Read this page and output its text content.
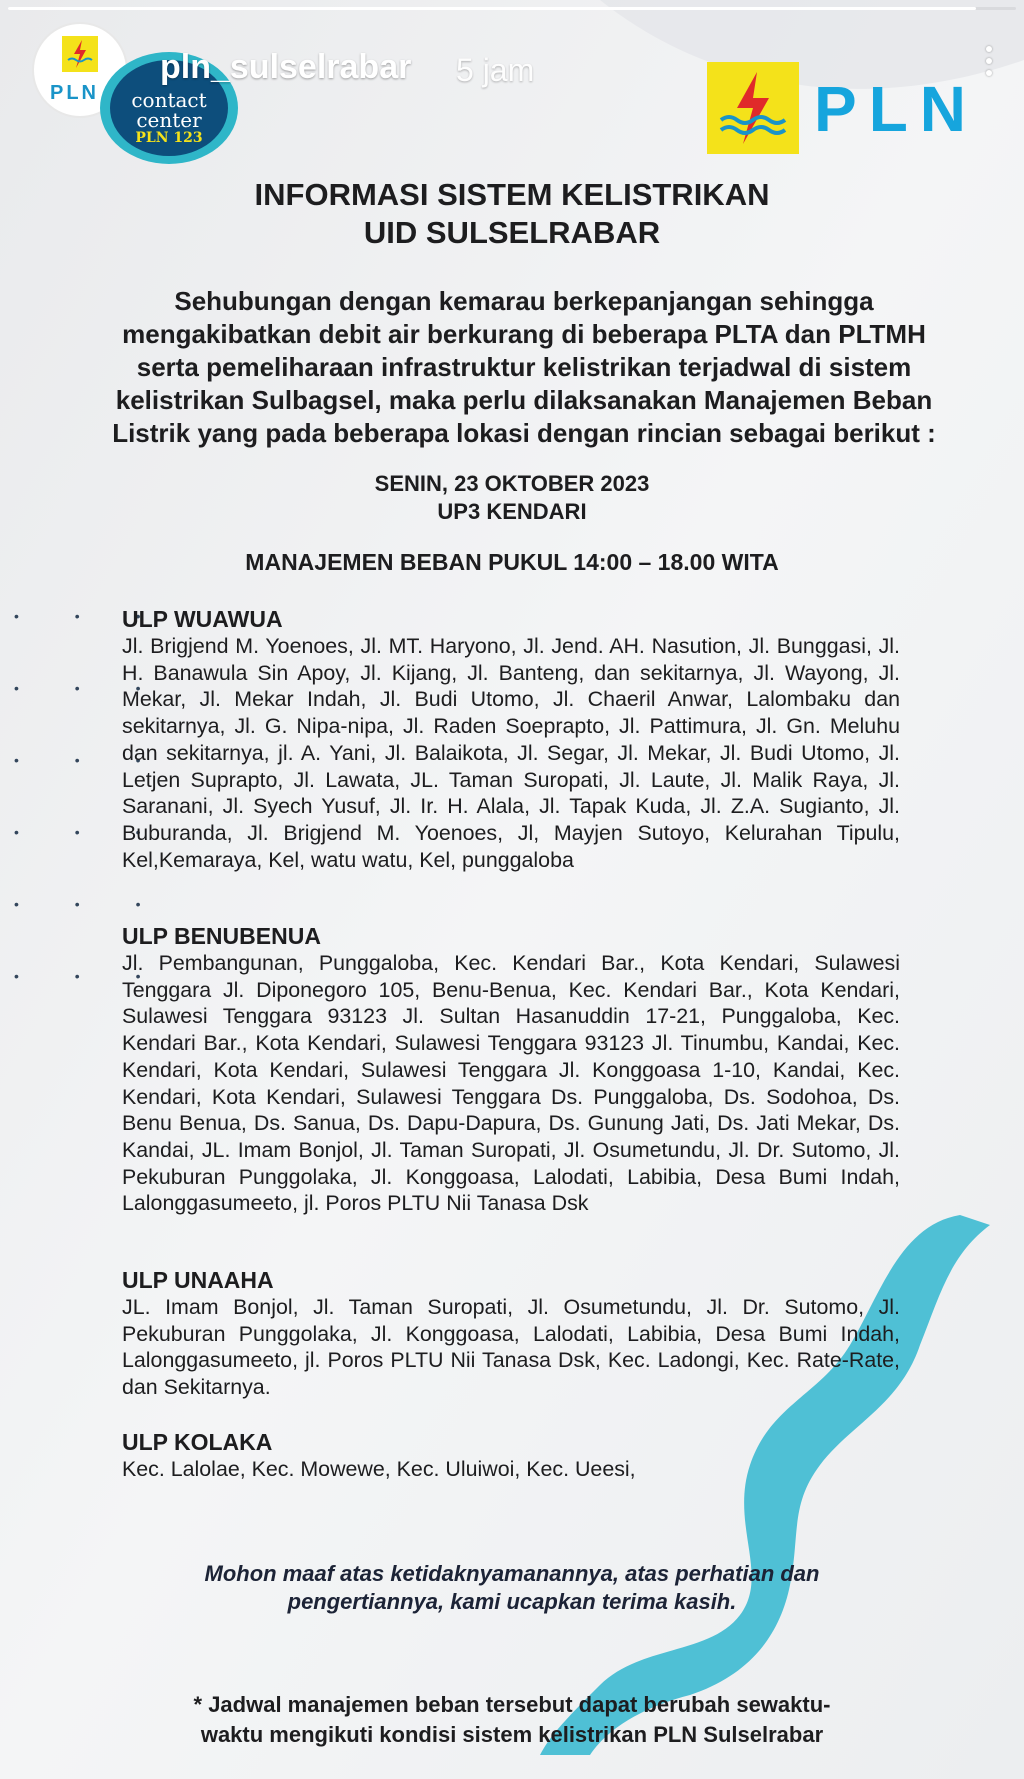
PLN	contact
center
PLN 123
pln_sulselrabar 5 jam
PLN
INFORMASI SISTEM KELISTRIKAN
UID SULSELRABAR
Sehubungan dengan kemarau berkepanjangan sehingga mengakibatkan debit air berkurang di beberapa PLTA dan PLTMH serta pemeliharaan infrastruktur kelistrikan terjadwal di sistem kelistrikan Sulbagsel, maka perlu dilaksanakan Manajemen Beban Listrik yang pada beberapa lokasi dengan rincian sebagai berikut :
SENIN, 23 OKTOBER 2023
UP3 KENDARI
MANAJEMEN BEBAN PUKUL 14:00 – 18.00 WITA
• • •
• • •
• • •
• • •
• • •
• • •
ULP WUAWUA

Jl. Brigjend M. Yoenoes, Jl. MT. Haryono, Jl. Jend. AH. Nasution, Jl. Bunggasi, Jl. H. Banawula Sin Apoy, Jl. Kijang, Jl. Banteng, dan sekitarnya, Jl. Wayong, Jl. Mekar, Jl. Mekar Indah, Jl. Budi Utomo, Jl. Chaeril Anwar, Lalombaku dan sekitarnya, Jl. G. Nipa-nipa, Jl. Raden Soeprapto, Jl. Pattimura, Jl. Gn. Meluhu dan sekitarnya, jl. A. Yani, Jl. Balaikota, Jl. Segar, Jl. Mekar, Jl. Budi Utomo, Jl. Letjen Suprapto, Jl. Lawata, JL. Taman Suropati, Jl. Laute, Jl. Malik Raya, Jl. Saranani, Jl. Syech Yusuf, Jl. Ir. H. Alala, Jl. Tapak Kuda, Jl. Z.A. Sugianto, Jl. Buburanda, Jl. Brigjend M. Yoenoes, Jl, Mayjen Sutoyo, Kelurahan Tipulu, Kel,Kemaraya, Kel, watu watu, Kel, punggaloba

ULP BENUBENUA

Jl. Pembangunan, Punggaloba, Kec. Kendari Bar., Kota Kendari, Sulawesi Tenggara Jl. Diponegoro 105, Benu-Benua, Kec. Kendari Bar., Kota Kendari, Sulawesi Tenggara 93123 Jl. Sultan Hasanuddin 17-21, Punggaloba, Kec. Kendari Bar., Kota Kendari, Sulawesi Tenggara 93123 Jl. Tinumbu, Kandai, Kec. Kendari, Kota Kendari, Sulawesi Tenggara Jl. Konggoasa 1-10, Kandai, Kec. Kendari, Kota Kendari, Sulawesi Tenggara Ds. Punggaloba, Ds. Sodohoa, Ds. Benu Benua, Ds. Sanua, Ds. Dapu-Dapura, Ds. Gunung Jati, Ds. Jati Mekar, Ds. Kandai, JL. Imam Bonjol, Jl. Taman Suropati, Jl. Osumetundu, Jl. Dr. Sutomo, Jl. Pekuburan Punggolaka, Jl. Konggoasa, Lalodati, Labibia, Desa Bumi Indah, Lalonggasumeeto, jl. Poros PLTU Nii Tanasa Dsk

ULP UNAAHA

JL. Imam Bonjol, Jl. Taman Suropati, Jl. Osumetundu, Jl. Dr. Sutomo, Jl. Pekuburan Punggolaka, Jl. Konggoasa, Lalodati, Labibia, Desa Bumi Indah, Lalonggasumeeto, jl. Poros PLTU Nii Tanasa Dsk, Kec. Ladongi, Kec. Rate-Rate, dan Sekitarnya.

ULP KOLAKA

Kec. Lalolae, Kec. Mowewe, Kec. Uluiwoi, Kec. Ueesi,

Mohon maaf atas ketidaknyamanannya, atas perhatian dan
pengertiannya, kami ucapkan terima kasih.
* Jadwal manajemen beban tersebut dapat berubah sewaktu-
waktu mengikuti kondisi sistem kelistrikan PLN Sulselrabar
